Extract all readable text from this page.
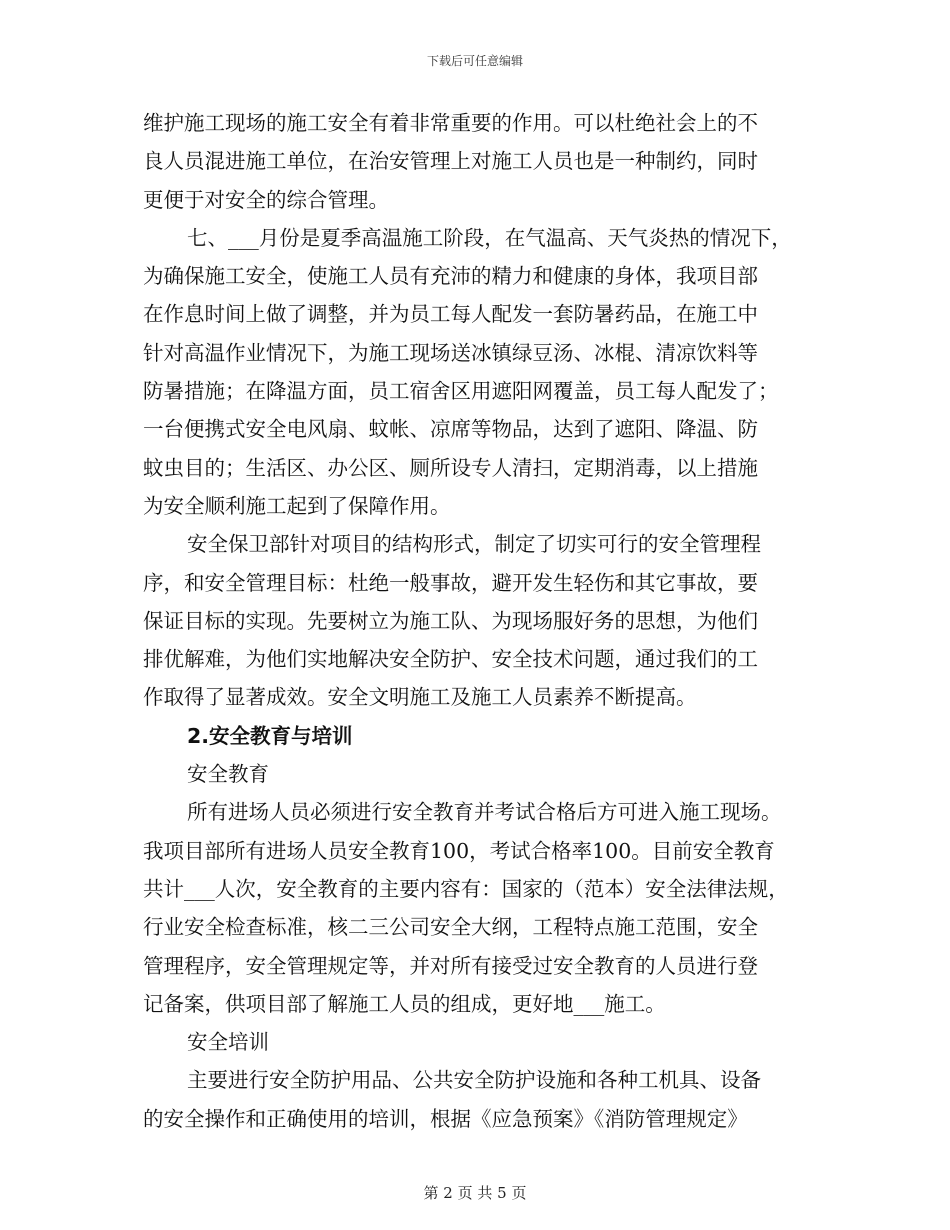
下载后可任意编辑
维护施工现场的施工安全有着非常重要的作用。可以杜绝社会上的不
良人员混进施工单位，在治安管理上对施工人员也是一种制约，同时
更便于对安全的综合管理。
七、___月份是夏季高温施工阶段，在气温高、天气炎热的情况下，
为确保施工安全，使施工人员有充沛的精力和健康的身体，我项目部
在作息时间上做了调整，并为员工每人配发一套防暑药品，在施工中
针对高温作业情况下，为施工现场送冰镇绿豆汤、冰棍、清凉饮料等
防暑措施；在降温方面，员工宿舍区用遮阳网覆盖，员工每人配发了；
一台便携式安全电风扇、蚊帐、凉席等物品，达到了遮阳、降温、防
蚊虫目的；生活区、办公区、厕所设专人清扫，定期消毒，以上措施
为安全顺利施工起到了保障作用。
安全保卫部针对项目的结构形式，制定了切实可行的安全管理程
序，和安全管理目标：杜绝一般事故，避开发生轻伤和其它事故，要
保证目标的实现。先要树立为施工队、为现场服好务的思想，为他们
排优解难，为他们实地解决安全防护、安全技术问题，通过我们的工
作取得了显著成效。安全文明施工及施工人员素养不断提高。
2.安全教育与培训
安全教育
所有进场人员必须进行安全教育并考试合格后方可进入施工现场。
我项目部所有进场人员安全教育100，考试合格率100。目前安全教育
共计___人次，安全教育的主要内容有：国家的（范本）安全法律法规，
行业安全检查标准，核二三公司安全大纲，工程特点施工范围，安全
管理程序，安全管理规定等，并对所有接受过安全教育的人员进行登
记备案，供项目部了解施工人员的组成，更好地___施工。
安全培训
主要进行安全防护用品、公共安全防护设施和各种工机具、设备
的安全操作和正确使用的培训，根据《应急预案》《消防管理规定》
第 2 页 共 5 页
